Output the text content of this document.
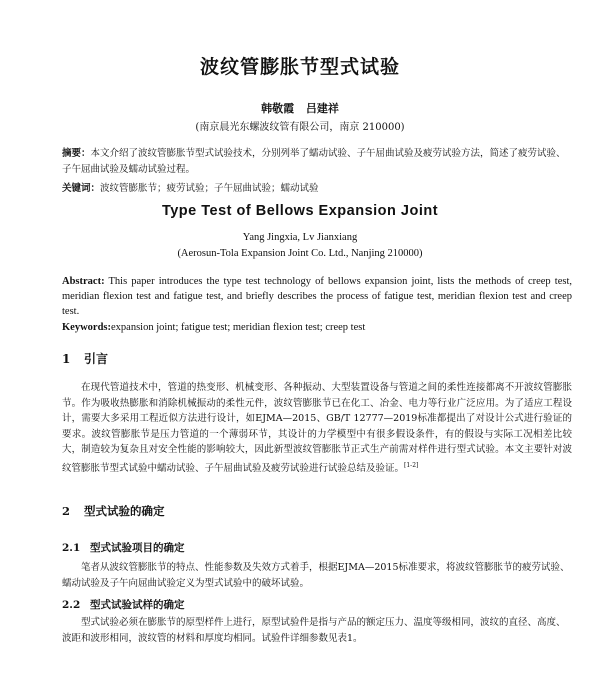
波纹管膨胀节型式试验
韩敬霞 吕建祥
(南京晨光东螺波纹管有限公司，南京 210000)
摘要：本文介绍了波纹管膨胀节型式试验技术，分别列举了蠕动试验、子午屈曲试验及疲劳试验方法，简述了疲劳试验、子午屈曲试验及蠕动试验过程。
关键词：波纹管膨胀节；疲劳试验；子午屈曲试验；蠕动试验
Type Test of Bellows Expansion Joint
Yang Jingxia, Lv Jianxiang
(Aerosun-Tola Expansion Joint Co. Ltd., Nanjing 210000)
Abstract: This paper introduces the type test technology of bellows expansion joint, lists the methods of creep test, meridian flexion test and fatigue test, and briefly describes the process of fatigue test, meridian flexion test and creep test.
Keywords:expansion joint; fatigue test; meridian flexion test; creep test
1 引言
在现代管道技术中，管道的热变形、机械变形、各种振动、大型装置设备与管道之间的柔性连接都离不开波纹管膨胀节。作为吸收热膨胀和消除机械振动的柔性元件，波纹管膨胀节已在化工、冶金、电力等行业广泛应用。为了适应工程设计，需要大多采用工程近似方法进行设计，如EJMA—2015、GB/T 12777—2019标准都提出了对设计公式进行验证的要求。波纹管膨胀节是压力管道的一个薄弱环节，其设计的力学模型中有很多假设条件，有的假设与实际工况相差比较大，制造较为复杂且对安全性能的影响较大，因此新型波纹管膨胀节正式生产前需对样件进行型式试验。本文主要针对波纹管膨胀节型式试验中蠕动试验、子午屈曲试验及疲劳试验进行试验总结及验证。[1-2]
2 型式试验的确定
2.1 型式试验项目的确定
笔者从波纹管膨胀节的特点、性能参数及失效方式着手，根据EJMA—2015标准要求，将波纹管膨胀节的疲劳试验、蠕动试验及子午向屈曲试验定义为型式试验中的破坏试验。
2.2 型式试验试样的确定
型式试验必须在膨胀节的原型样件上进行，原型试验件是指与产品的额定压力、温度等级相同，波纹的直径、高度、波距和波形相同，波纹管的材料和厚度均相同。试验件详细参数见表1。
